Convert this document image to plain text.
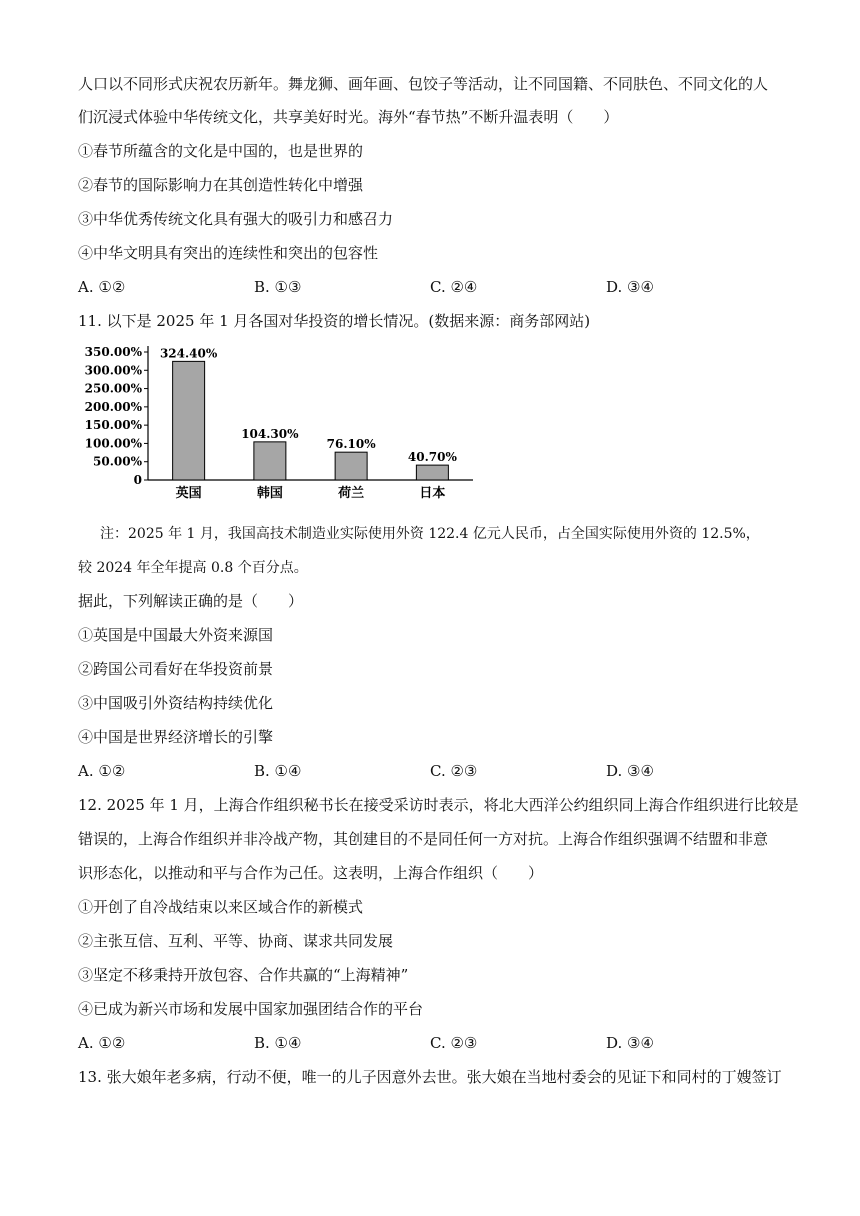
人口以不同形式庆祝农历新年。舞龙狮、画年画、包饺子等活动，让不同国籍、不同肤色、不同文化的人
们沉浸式体验中华传统文化，共享美好时光。海外“春节热”不断升温表明（　　）
①春节所蕴含的文化是中国的，也是世界的
②春节的国际影响力在其创造性转化中增强
③中华优秀传统文化具有强大的吸引力和感召力
④中华文明具有突出的连续性和突出的包容性
A. ①②	B. ①③	C. ②④	D. ③④
11. 以下是 2025 年 1 月各国对华投资的增长情况。(数据来源：商务部网站)
0
50.00%
100.00%
150.00%
200.00%
250.00%
300.00%
350.00% 324.40%
英国
104.30%
韩国
76.10%
荷兰
40.70%
日本
注：2025 年 1 月，我国高技术制造业实际使用外资 122.4 亿元人民币，占全国实际使用外资的 12.5%，
较 2024 年全年提高 0.8 个百分点。
据此，下列解读正确的是（　　）
①英国是中国最大外资来源国
②跨国公司看好在华投资前景
③中国吸引外资结构持续优化
④中国是世界经济增长的引擎
A. ①②	B. ①④	C. ②③	D. ③④
12. 2025 年 1 月，上海合作组织秘书长在接受采访时表示，将北大西洋公约组织同上海合作组织进行比较是
错误的，上海合作组织并非冷战产物，其创建目的不是同任何一方对抗。上海合作组织强调不结盟和非意
识形态化，以推动和平与合作为己任。这表明，上海合作组织（　　）
①开创了自冷战结束以来区域合作的新模式
②主张互信、互利、平等、协商、谋求共同发展
③坚定不移秉持开放包容、合作共赢的“上海精神”
④已成为新兴市场和发展中国家加强团结合作的平台
A. ①②	B. ①④	C. ②③	D. ③④
13. 张大娘年老多病，行动不便，唯一的儿子因意外去世。张大娘在当地村委会的见证下和同村的丁嫂签订
